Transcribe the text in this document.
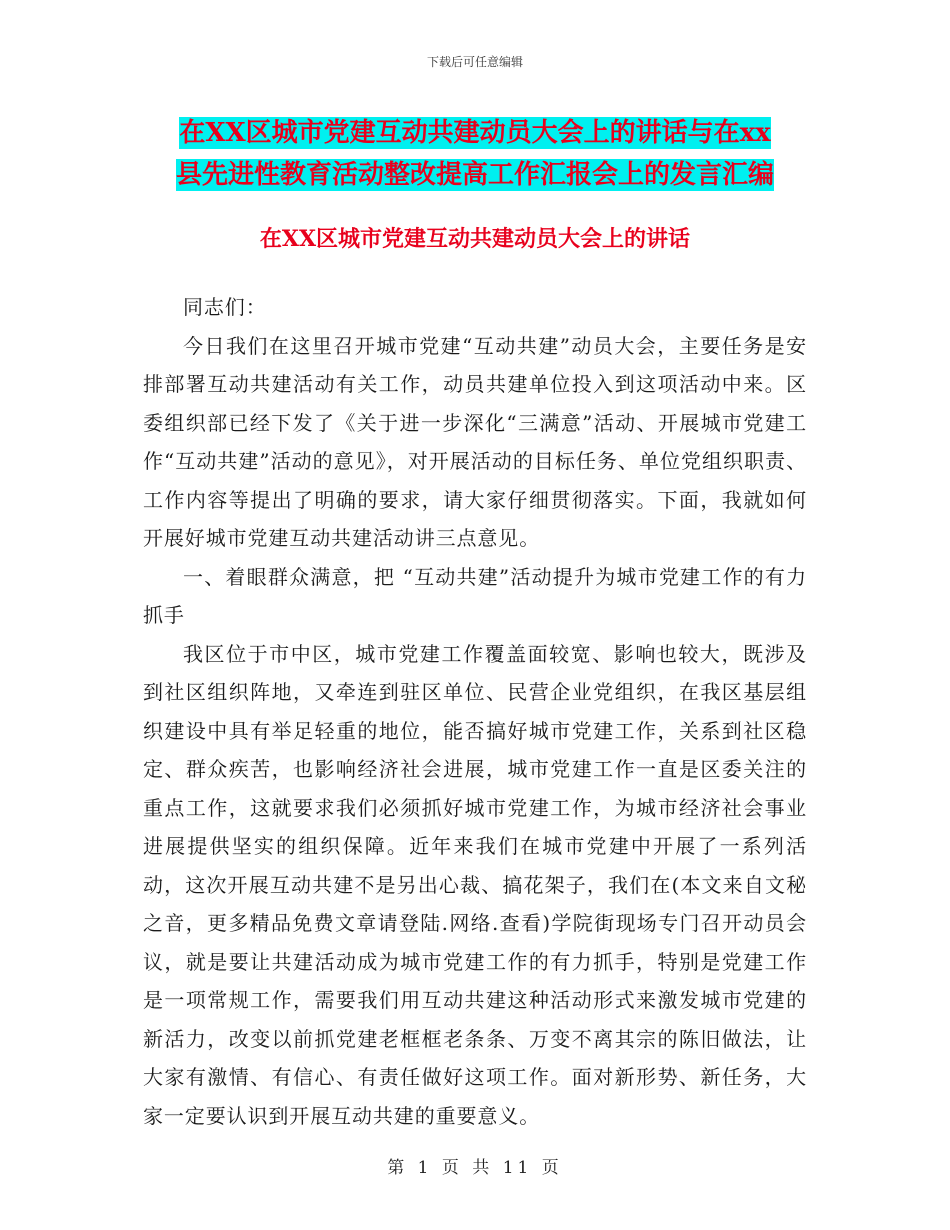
下载后可任意编辑
在XX区城市党建互动共建动员大会上的讲话与在xx
县先进性教育活动整改提高工作汇报会上的发言汇编
在XX区城市党建互动共建动员大会上的讲话

同志们：

今日我们在这里召开城市党建“互动共建”动员大会，主要任务是安排部署互动共建活动有关工作，动员共建单位投入到这项活动中来。区委组织部已经下发了《关于进一步深化“三满意”活动、开展城市党建工作“互动共建”活动的意见》，对开展活动的目标任务、单位党组织职责、工作内容等提出了明确的要求，请大家仔细贯彻落实。下面，我就如何开展好城市党建互动共建活动讲三点意见。

一、着眼群众满意，把 “互动共建”活动提升为城市党建工作的有力抓手

我区位于市中区，城市党建工作覆盖面较宽、影响也较大，既涉及到社区组织阵地，又牵连到驻区单位、民营企业党组织，在我区基层组织建设中具有举足轻重的地位，能否搞好城市党建工作，关系到社区稳定、群众疾苦，也影响经济社会进展，城市党建工作一直是区委关注的重点工作，这就要求我们必须抓好城市党建工作，为城市经济社会事业进展提供坚实的组织保障。近年来我们在城市党建中开展了一系列活动，这次开展互动共建不是另出心裁、搞花架子，我们在(本文来自文秘之音，更多精品免费文章请登陆.网络.查看)学院街现场专门召开动员会议，就是要让共建活动成为城市党建工作的有力抓手，特别是党建工作是一项常规工作，需要我们用互动共建这种活动形式来激发城市党建的新活力，改变以前抓党建老框框老条条、万变不离其宗的陈旧做法，让大家有激情、有信心、有责任做好这项工作。面对新形势、新任务，大家一定要认识到开展互动共建的重要意义。

第 1 页 共 11 页
